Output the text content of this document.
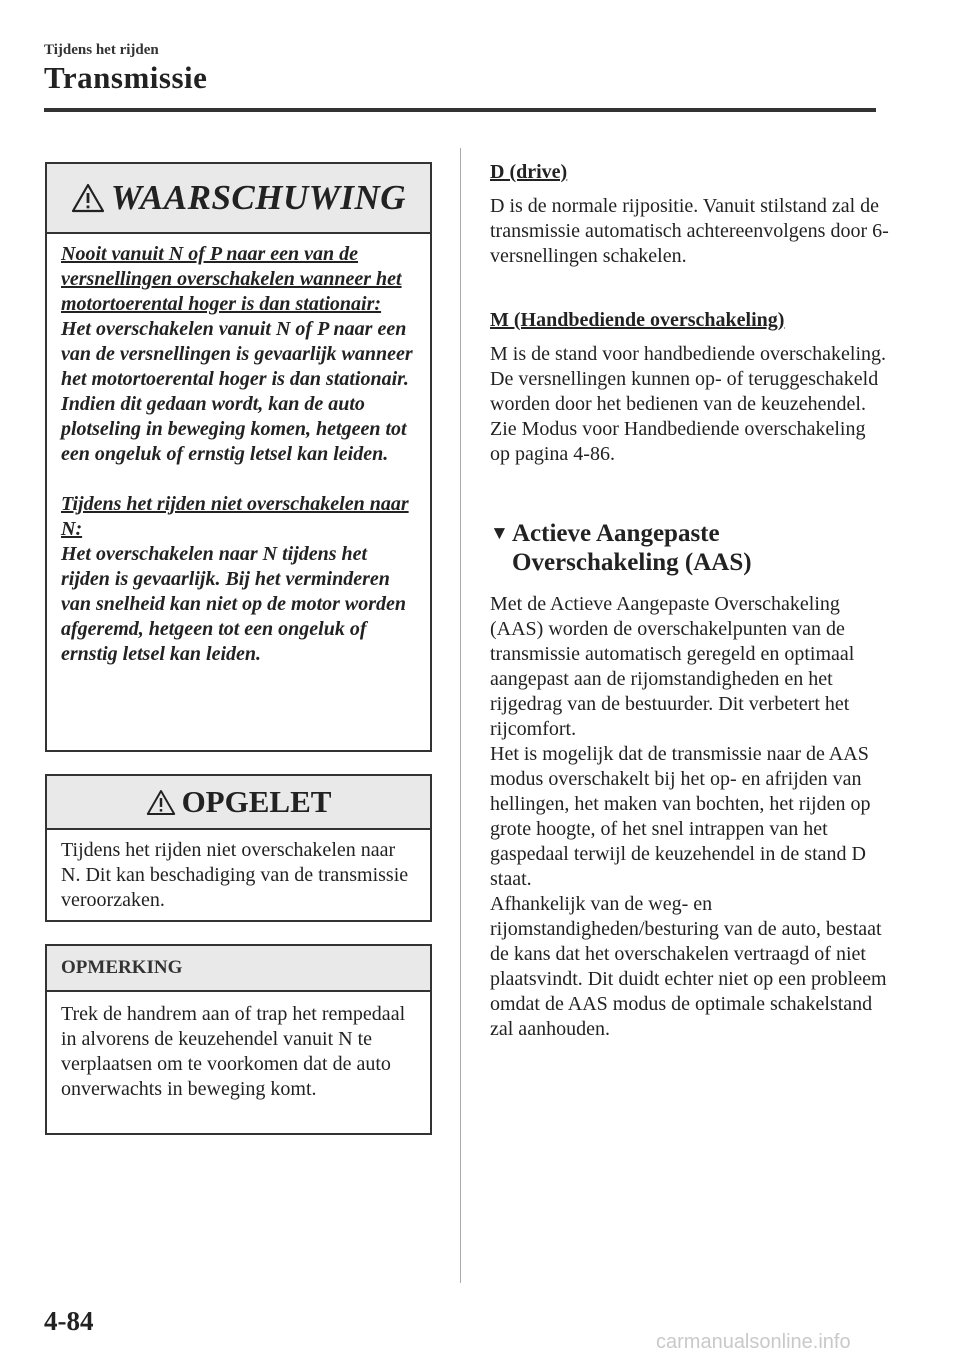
Tijdens het rijden
Transmissie
WAARSCHUWING
Nooit vanuit N of P naar een van de versnellingen overschakelen wanneer het motortoerental hoger is dan stationair:
Het overschakelen vanuit N of P naar een van de versnellingen is gevaarlijk wanneer het motortoerental hoger is dan stationair. Indien dit gedaan wordt, kan de auto plotseling in beweging komen, hetgeen tot een ongeluk of ernstig letsel kan leiden.
Tijdens het rijden niet overschakelen naar N:
Het overschakelen naar N tijdens het rijden is gevaarlijk. Bij het verminderen van snelheid kan niet op de motor worden afgeremd, hetgeen tot een ongeluk of ernstig letsel kan leiden.
OPGELET
Tijdens het rijden niet overschakelen naar N. Dit kan beschadiging van de transmissie veroorzaken.
OPMERKING
Trek de handrem aan of trap het rempedaal in alvorens de keuzehendel vanuit N te verplaatsen om te voorkomen dat de auto onverwachts in beweging komt.
D (drive)
D is de normale rijpositie. Vanuit stilstand zal de transmissie automatisch achtereenvolgens door 6-versnellingen schakelen.
M (Handbediende overschakeling)
M is de stand voor handbediende overschakeling. De versnellingen kunnen op- of teruggeschakeld worden door het bedienen van de keuzehendel.
Zie Modus voor Handbediende overschakeling op pagina 4-86.
▼ Actieve Aangepaste
Overschakeling (AAS)
Met de Actieve Aangepaste Overschakeling (AAS) worden de overschakelpunten van de transmissie automatisch geregeld en optimaal aangepast aan de rijomstandigheden en het rijgedrag van de bestuurder. Dit verbetert het rijcomfort.
Het is mogelijk dat de transmissie naar de AAS modus overschakelt bij het op- en afrijden van hellingen, het maken van bochten, het rijden op grote hoogte, of het snel intrappen van het gaspedaal terwijl de keuzehendel in de stand D staat.
Afhankelijk van de weg- en rijomstandigheden/besturing van de auto, bestaat de kans dat het overschakelen vertraagd of niet plaatsvindt. Dit duidt echter niet op een probleem omdat de AAS modus de optimale schakelstand zal aanhouden.
4-84
carmanualsonline.info
